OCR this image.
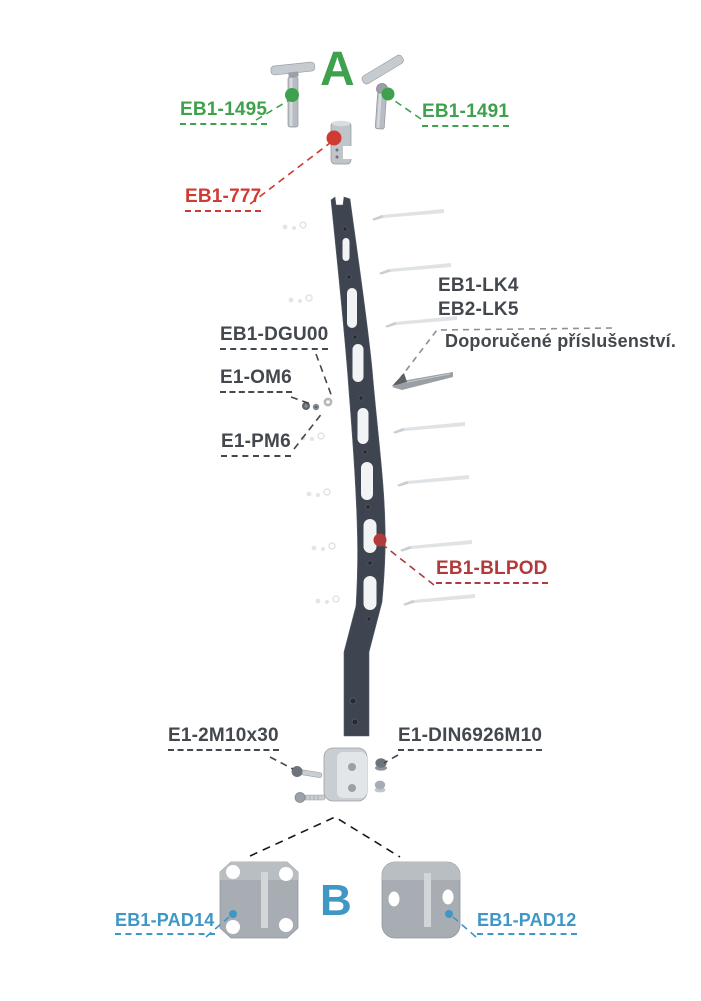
A
B
EB1-1495	EB1-1491
EB1-777
EB1-LK4
EB2-LK5
Doporučené příslušenství.
EB1-DGU00
E1-OM6
E1-PM6
EB1-BLPOD
E1-2M10x30	E1-DIN6926M10
EB1-PAD14	EB1-PAD12
